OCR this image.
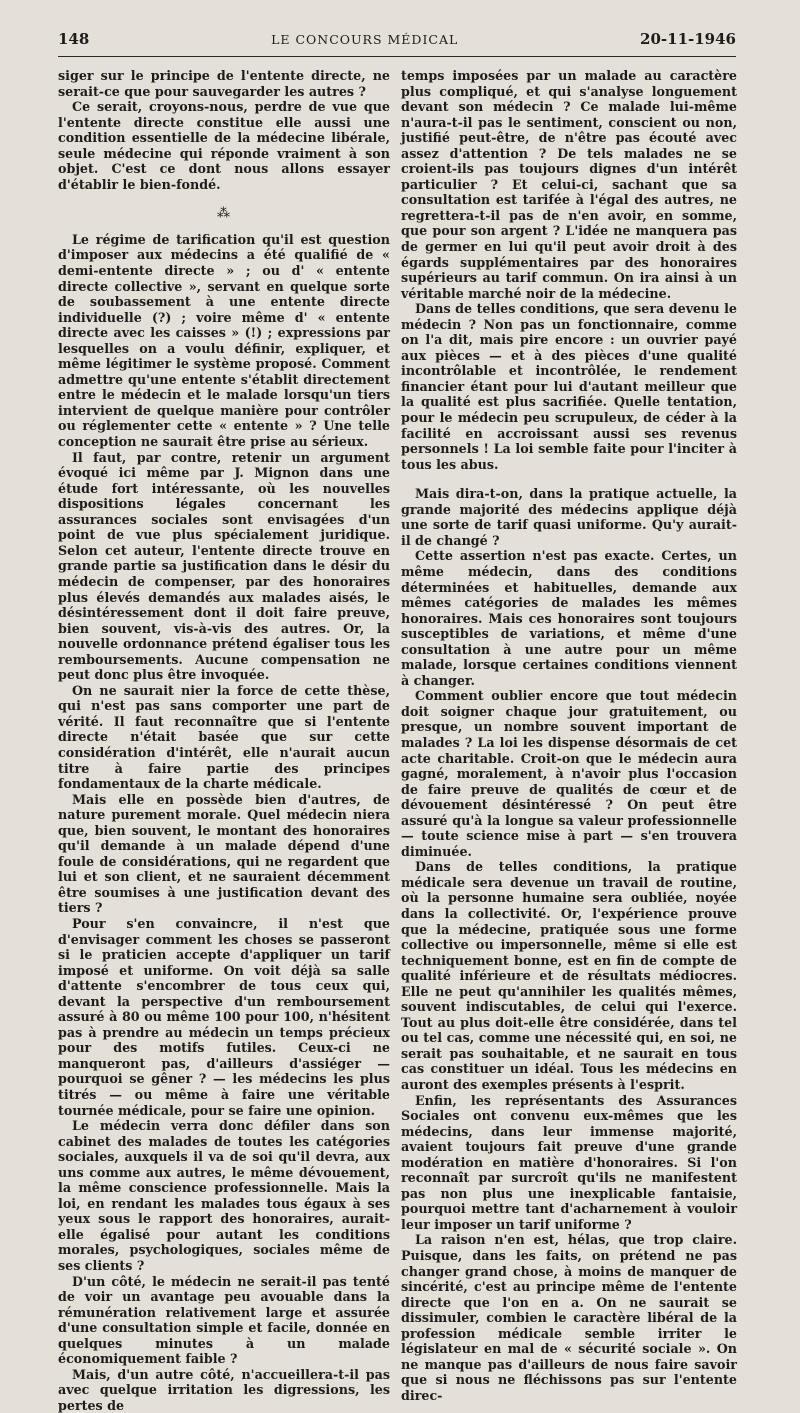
148	LE CONCOURS MÉDICAL	20-11-1946

siger sur le principe de l'entente directe, ne serait-ce que pour sauvegarder les autres ?

Ce serait, croyons-nous, perdre de vue que l'entente directe constitue elle aussi une condition essentielle de la médecine libérale, seule médecine qui réponde vraiment à son objet. C'est ce dont nous allons essayer d'établir le bien-fondé.

⁂

Le régime de tarification qu'il est question d'imposer aux médecins a été qualifié de « demi-entente directe » ; ou d' « entente directe collective », servant en quelque sorte de soubassement à une entente directe individuelle (?) ; voire même d' « entente directe avec les caisses » (!) ; expressions par lesquelles on a voulu définir, expliquer, et même légitimer le système proposé. Comment admettre qu'une entente s'établit directement entre le médecin et le malade lorsqu'un tiers intervient de quelque manière pour contrôler ou réglementer cette « entente » ? Une telle conception ne saurait être prise au sérieux.

Il faut, par contre, retenir un argument évoqué ici même par J. Mignon dans une étude fort intéressante, où les nouvelles dispositions légales concernant les assurances sociales sont envisagées d'un point de vue plus spécialement juridique. Selon cet auteur, l'entente directe trouve en grande partie sa justification dans le désir du médecin de compenser, par des honoraires plus élevés demandés aux malades aisés, le désintéressement dont il doit faire preuve, bien souvent, vis-à-vis des autres. Or, la nouvelle ordonnance prétend égaliser tous les remboursements. Aucune compensation ne peut donc plus être invoquée.

On ne saurait nier la force de cette thèse, qui n'est pas sans comporter une part de vérité. Il faut reconnaître que si l'entente directe n'était basée que sur cette considération d'intérêt, elle n'aurait aucun titre à faire partie des principes fondamentaux de la charte médicale.

Mais elle en possède bien d'autres, de nature purement morale. Quel médecin niera que, bien souvent, le montant des honoraires qu'il demande à un malade dépend d'une foule de considérations, qui ne regardent que lui et son client, et ne sauraient décemment être soumises à une justification devant des tiers ?

Pour s'en convaincre, il n'est que d'envisager comment les choses se passeront si le praticien accepte d'appliquer un tarif imposé et uniforme. On voit déjà sa salle d'attente s'encombrer de tous ceux qui, devant la perspective d'un remboursement assuré à 80 ou même 100 pour 100, n'hésitent pas à prendre au médecin un temps précieux pour des motifs futiles. Ceux-ci ne manqueront pas, d'ailleurs d'assiéger — pourquoi se gêner ? — les médecins les plus titrés — ou même à faire une véritable tournée médicale, pour se faire une opinion.

Le médecin verra donc défiler dans son cabinet des malades de toutes les catégories sociales, auxquels il va de soi qu'il devra, aux uns comme aux autres, le même dévouement, la même conscience professionnelle. Mais la loi, en rendant les malades tous égaux à ses yeux sous le rapport des honoraires, aurait-elle égalisé pour autant les conditions morales, psychologiques, sociales même de ses clients ?

D'un côté, le médecin ne serait-il pas tenté de voir un avantage peu avouable dans la rémunération relativement large et assurée d'une consultation simple et facile, donnée en quelques minutes à un malade économiquement faible ?

Mais, d'un autre côté, n'accueillera-t-il pas avec quelque irritation les digressions, les pertes de

temps imposées par un malade au caractère plus compliqué, et qui s'analyse longuement devant son médecin ? Ce malade lui-même n'aura-t-il pas le sentiment, conscient ou non, justifié peut-être, de n'être pas écouté avec assez d'attention ? De tels malades ne se croient-ils pas toujours dignes d'un intérêt particulier ? Et celui-ci, sachant que sa consultation est tarifée à l'égal des autres, ne regrettera-t-il pas de n'en avoir, en somme, que pour son argent ? L'idée ne manquera pas de germer en lui qu'il peut avoir droit à des égards supplémentaires par des honoraires supérieurs au tarif commun. On ira ainsi à un véritable marché noir de la médecine.

Dans de telles conditions, que sera devenu le médecin ? Non pas un fonctionnaire, comme on l'a dit, mais pire encore : un ouvrier payé aux pièces — et à des pièces d'une qualité incontrôlable et incontrôlée, le rendement financier étant pour lui d'autant meilleur que la qualité est plus sacrifiée. Quelle tentation, pour le médecin peu scrupuleux, de céder à la facilité en accroissant aussi ses revenus personnels ! La loi semble faite pour l'inciter à tous les abus.

Mais dira-t-on, dans la pratique actuelle, la grande majorité des médecins applique déjà une sorte de tarif quasi uniforme. Qu'y aurait-il de changé ?

Cette assertion n'est pas exacte. Certes, un même médecin, dans des conditions déterminées et habituelles, demande aux mêmes catégories de malades les mêmes honoraires. Mais ces honoraires sont toujours susceptibles de variations, et même d'une consultation à une autre pour un même malade, lorsque certaines conditions viennent à changer.

Comment oublier encore que tout médecin doit soigner chaque jour gratuitement, ou presque, un nombre souvent important de malades ? La loi les dispense désormais de cet acte charitable. Croit-on que le médecin aura gagné, moralement, à n'avoir plus l'occasion de faire preuve de qualités de cœur et de dévouement désintéressé ? On peut être assuré qu'à la longue sa valeur professionnelle — toute science mise à part — s'en trouvera diminuée.

Dans de telles conditions, la pratique médicale sera devenue un travail de routine, où la personne humaine sera oubliée, noyée dans la collectivité. Or, l'expérience prouve que la médecine, pratiquée sous une forme collective ou impersonnelle, même si elle est techniquement bonne, est en fin de compte de qualité inférieure et de résultats médiocres. Elle ne peut qu'annihiler les qualités mêmes, souvent indiscutables, de celui qui l'exerce. Tout au plus doit-elle être considérée, dans tel ou tel cas, comme une nécessité qui, en soi, ne serait pas souhaitable, et ne saurait en tous cas constituer un idéal. Tous les médecins en auront des exemples présents à l'esprit.

Enfin, les représentants des Assurances Sociales ont convenu eux-mêmes que les médecins, dans leur immense majorité, avaient toujours fait preuve d'une grande modération en matière d'honoraires. Si l'on reconnaît par surcroît qu'ils ne manifestent pas non plus une inexplicable fantaisie, pourquoi mettre tant d'acharnement à vouloir leur imposer un tarif uniforme ?

La raison n'en est, hélas, que trop claire. Puisque, dans les faits, on prétend ne pas changer grand chose, à moins de manquer de sincérité, c'est au principe même de l'entente directe que l'on en a. On ne saurait se dissimuler, combien le caractère libéral de la profession médicale semble irriter le législateur en mal de « sécurité sociale ». On ne manque pas d'ailleurs de nous faire savoir que si nous ne fléchissons pas sur l'entente direc-
